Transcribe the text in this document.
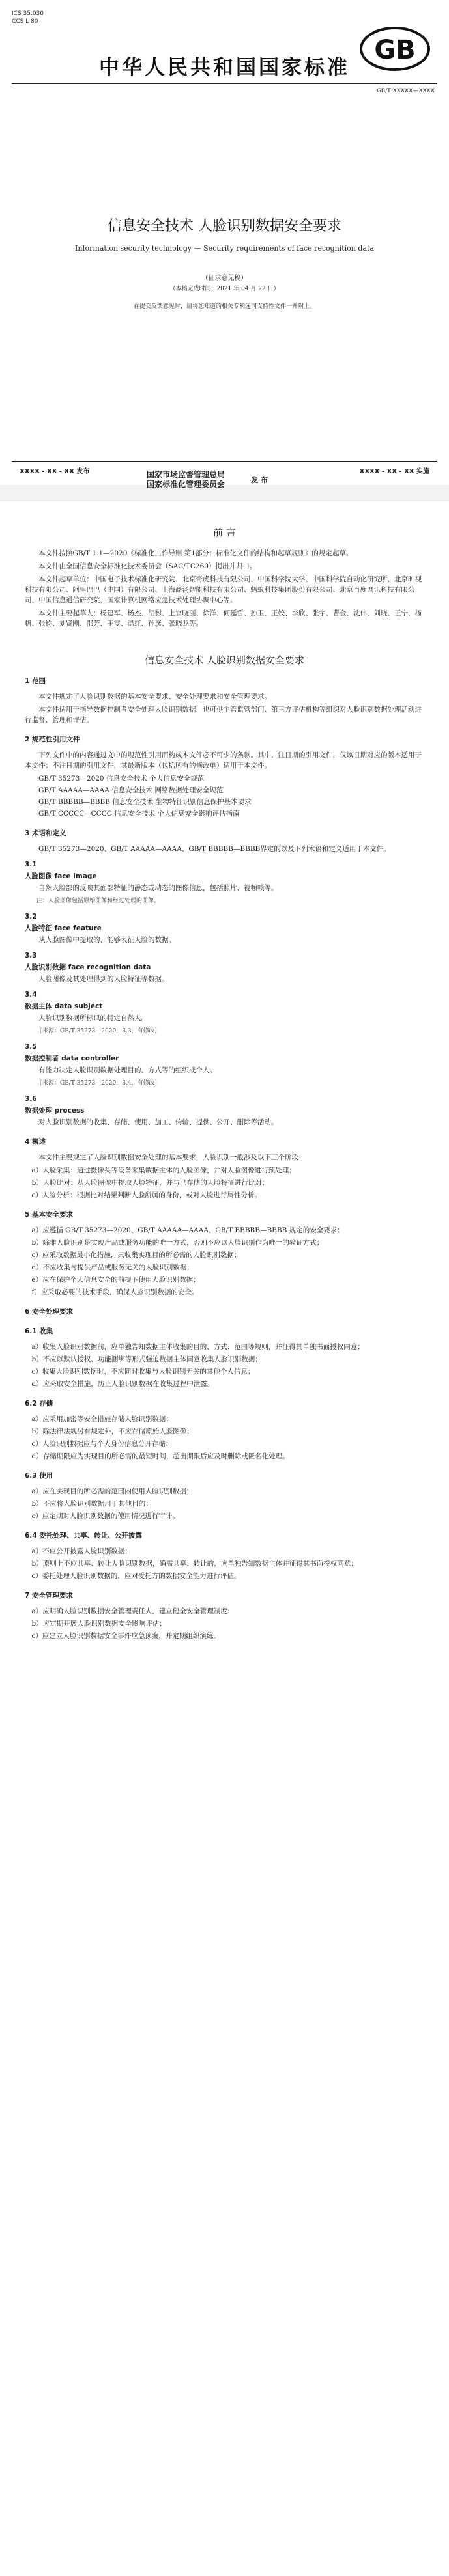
ICS 35.030
CCS L 80
GB
中华人民共和国国家标准
GB/T XXXXX—XXXX
信息安全技术 人脸识别数据安全要求
Information security technology — Security requirements of face recognition data
（征求意见稿）
（本稿完成时间：2021 年 04 月 22 日）
在提交反馈意见时，请将您知道的相关专利连同支持性文件一并附上。
XXXX - XX - XX 发布	XXXX - XX - XX 实施
国家市场监督管理总局
国家标准化管理委员会	发 布
前 言

本文件按照GB/T 1.1—2020《标准化工作导则 第1部分：标准化文件的结构和起草规则》的规定起草。

本文件由全国信息安全标准化技术委员会（SAC/TC260）提出并归口。

本文件起草单位：中国电子技术标准化研究院、北京奇虎科技有限公司、中国科学院大学、中国科学院自动化研究所、北京旷视科技有限公司、阿里巴巴（中国）有限公司、上海商汤智能科技有限公司、蚂蚁科技集团股份有限公司、北京百度网讯科技有限公司、中国信息通信研究院、国家计算机网络应急技术处理协调中心等。

本文件主要起草人：杨建军、杨杰、胡影、上官晓丽、徐洋、何延哲、孙卫、王姣、李欣、张宇、曹金、沈伟、刘晓、王宁、杨帆、张钧、刘贤刚、邵芳、王雯、温红、孙彦、张晓龙等。

信息安全技术 人脸识别数据安全要求
1 范围

本文件规定了人脸识别数据的基本安全要求、安全处理要求和安全管理要求。

本文件适用于指导数据控制者安全处理人脸识别数据，也可供主管监管部门、第三方评估机构等组织对人脸识别数据处理活动进行监督、管理和评估。

2 规范性引用文件

下列文件中的内容通过文中的规范性引用而构成本文件必不可少的条款。其中，注日期的引用文件，仅该日期对应的版本适用于本文件；不注日期的引用文件，其最新版本（包括所有的修改单）适用于本文件。

GB/T 35273—2020 信息安全技术 个人信息安全规范
GB/T AAAAA—AAAA 信息安全技术 网络数据处理安全规范
GB/T BBBBB—BBBB 信息安全技术 生物特征识别信息保护基本要求
GB/T CCCCC—CCCC 信息安全技术 个人信息安全影响评估指南
3 术语和定义

GB/T 35273—2020、GB/T AAAAA—AAAA、GB/T BBBBB—BBBB界定的以及下列术语和定义适用于本文件。

3.1
人脸图像 face image

自然人脸部的反映其面部特征的静态或动态的图像信息，包括照片、视频帧等。

注：人脸图像包括原始图像和经过处理的图像。
3.2
人脸特征 face feature

从人脸图像中提取的、能够表征人脸的数据。

3.3
人脸识别数据 face recognition data

人脸图像及其处理得到的人脸特征等数据。

3.4
数据主体 data subject

人脸识别数据所标识的特定自然人。

［来源：GB/T 35273—2020，3.3，有修改］
3.5
数据控制者 data controller

有能力决定人脸识别数据处理目的、方式等的组织或个人。

［来源：GB/T 35273—2020，3.4，有修改］
3.6
数据处理 process

对人脸识别数据的收集、存储、使用、加工、传输、提供、公开、删除等活动。

4 概述

本文件主要规定了人脸识别数据安全处理的基本要求，人脸识别一般涉及以下三个阶段：

a）人脸采集：通过摄像头等设备采集数据主体的人脸图像，并对人脸图像进行预处理；
b）人脸比对：从人脸图像中提取人脸特征，并与已存储的人脸特征进行比对；
c）人脸分析：根据比对结果判断人脸所属的身份，或对人脸进行属性分析。
5 基本安全要求
a）应遵循 GB/T 35273—2020、GB/T AAAAA—AAAA、GB/T BBBBB—BBBB 规定的安全要求；
b）除非人脸识别是实现产品或服务功能的唯一方式，否则不应以人脸识别作为唯一的验证方式；
c）应采取数据最小化措施，只收集实现目的所必需的人脸识别数据；
d）不应收集与提供产品或服务无关的人脸识别数据；
e）应在保护个人信息安全的前提下使用人脸识别数据；
f）应采取必要的技术手段，确保人脸识别数据的安全。
6 安全处理要求
6.1 收集
a）收集人脸识别数据前，应单独告知数据主体收集的目的、方式、范围等规则，并征得其单独书面授权同意；
b）不应以默认授权、功能捆绑等形式强迫数据主体同意收集人脸识别数据；
c）收集人脸识别数据时，不应同时收集与人脸识别无关的其他个人信息；
d）应采取安全措施，防止人脸识别数据在收集过程中泄露。
6.2 存储
a）应采用加密等安全措施存储人脸识别数据；
b）除法律法规另有规定外，不应存储原始人脸图像；
c）人脸识别数据应与个人身份信息分开存储；
d）存储期限应为实现目的所必需的最短时间，超出期限后应及时删除或匿名化处理。
6.3 使用
a）应在实现目的所必需的范围内使用人脸识别数据；
b）不应将人脸识别数据用于其他目的；
c）应定期对人脸识别数据的使用情况进行审计。
6.4 委托处理、共享、转让、公开披露
a）不应公开披露人脸识别数据；
b）原则上不应共享、转让人脸识别数据，确需共享、转让的，应单独告知数据主体并征得其书面授权同意；
c）委托处理人脸识别数据的，应对受托方的数据安全能力进行评估。
7 安全管理要求
a）应明确人脸识别数据安全管理责任人，建立健全安全管理制度；
b）应定期开展人脸识别数据安全影响评估；
c）应建立人脸识别数据安全事件应急预案，并定期组织演练。
